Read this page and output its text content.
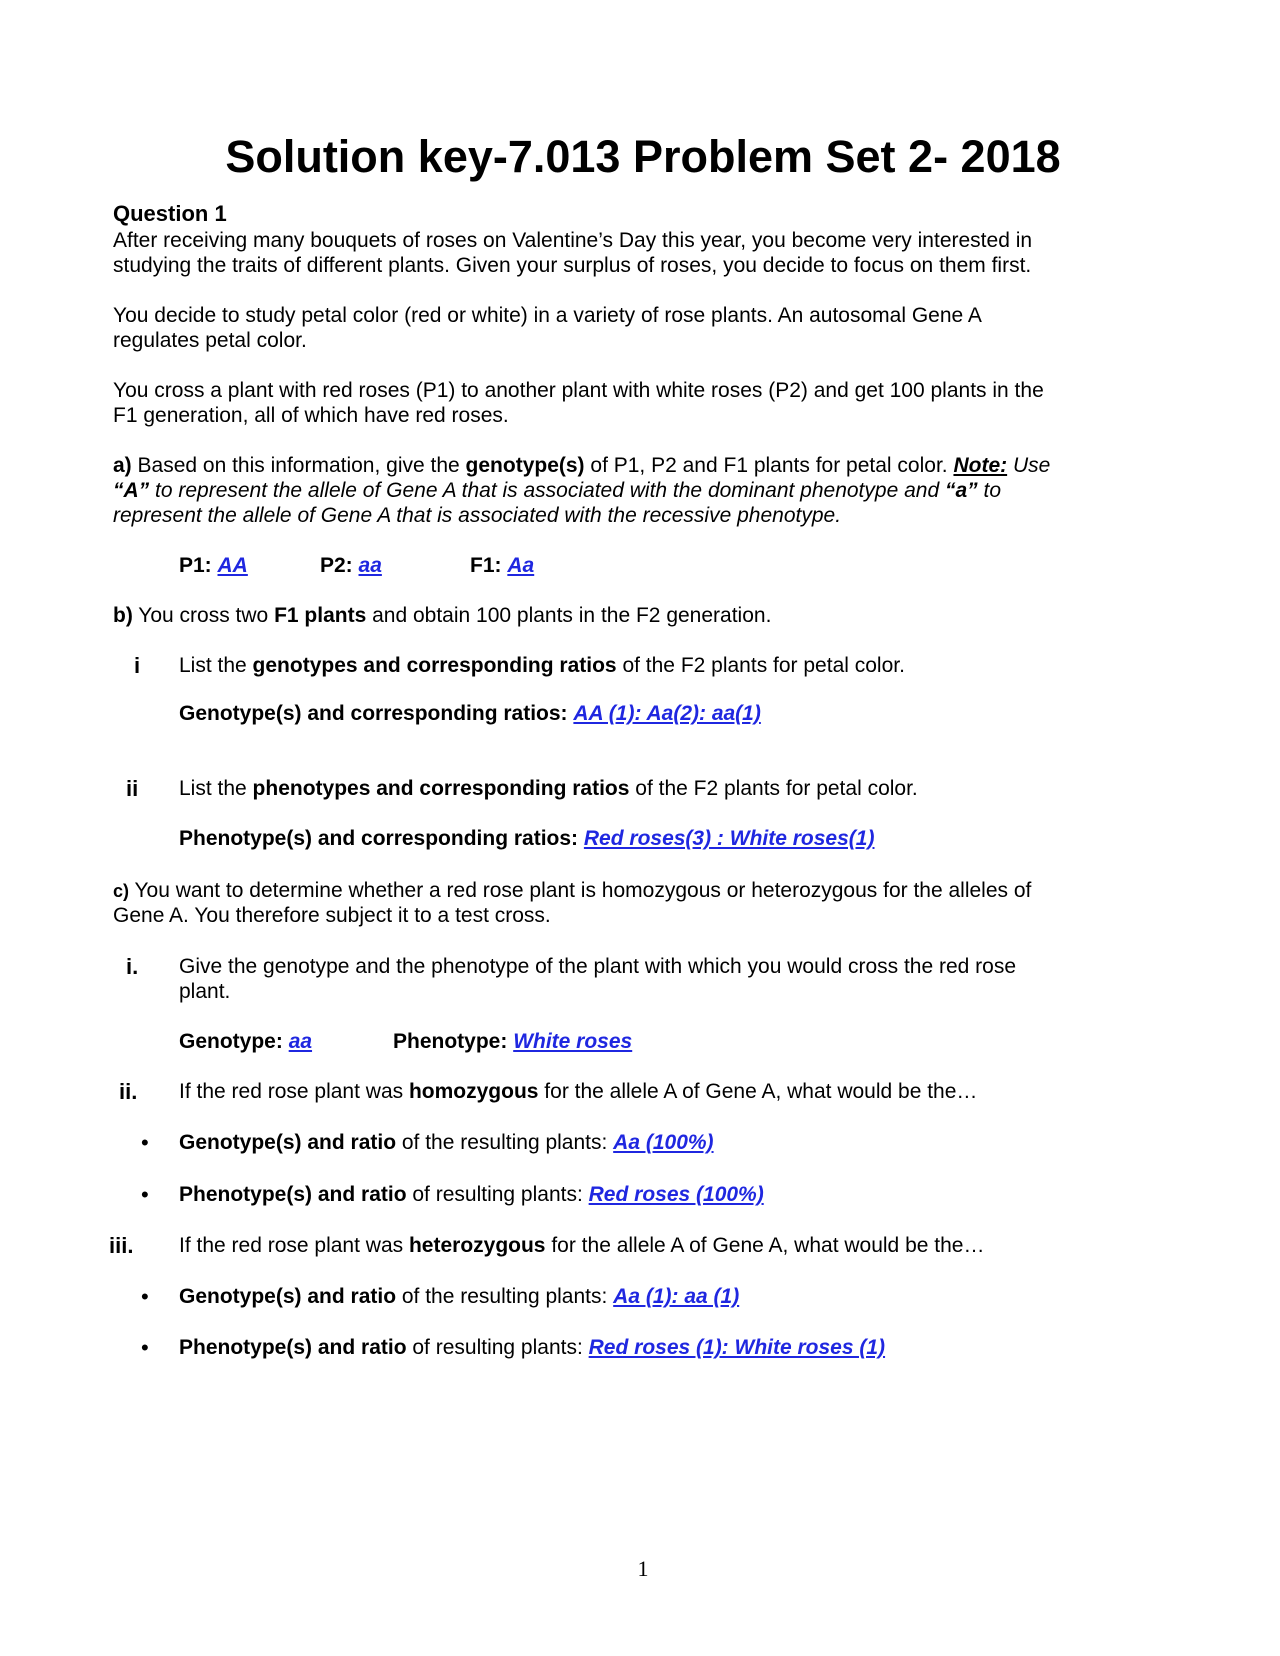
Solution key-7.013 Problem Set 2- 2018
Question 1
After receiving many bouquets of roses on Valentine’s Day this year, you become very interested in
studying the traits of different plants. Given your surplus of roses, you decide to focus on them first.
You decide to study petal color (red or white) in a variety of rose plants. An autosomal Gene A
regulates petal color.
You cross a plant with red roses (P1) to another plant with white roses (P2) and get 100 plants in the
F1 generation, all of which have red roses.
a) Based on this information, give the genotype(s) of P1, P2 and F1 plants for petal color. Note: Use
“A” to represent the allele of Gene A that is associated with the dominant phenotype and “a” to
represent the allele of Gene A that is associated with the recessive phenotype.
P1: AA	P2: aa	F1: Aa
b) You cross two F1 plants and obtain 100 plants in the F2 generation.
i List the genotypes and corresponding ratios of the F2 plants for petal color.
Genotype(s) and corresponding ratios: AA (1): Aa(2): aa(1)
ii List the phenotypes and corresponding ratios of the F2 plants for petal color.
Phenotype(s) and corresponding ratios: Red roses(3) : White roses(1)
c) You want to determine whether a red rose plant is homozygous or heterozygous for the alleles of
Gene A. You therefore subject it to a test cross.
i. Give the genotype and the phenotype of the plant with which you would cross the red rose
plant.
Genotype: aa	Phenotype: White roses
ii. If the red rose plant was homozygous for the allele A of Gene A, what would be the…
• Genotype(s) and ratio of the resulting plants: Aa (100%)
• Phenotype(s) and ratio of resulting plants: Red roses (100%)
iii. If the red rose plant was heterozygous for the allele A of Gene A, what would be the…
• Genotype(s) and ratio of the resulting plants: Aa (1): aa (1)
• Phenotype(s) and ratio of resulting plants: Red roses (1): White roses (1)
1
